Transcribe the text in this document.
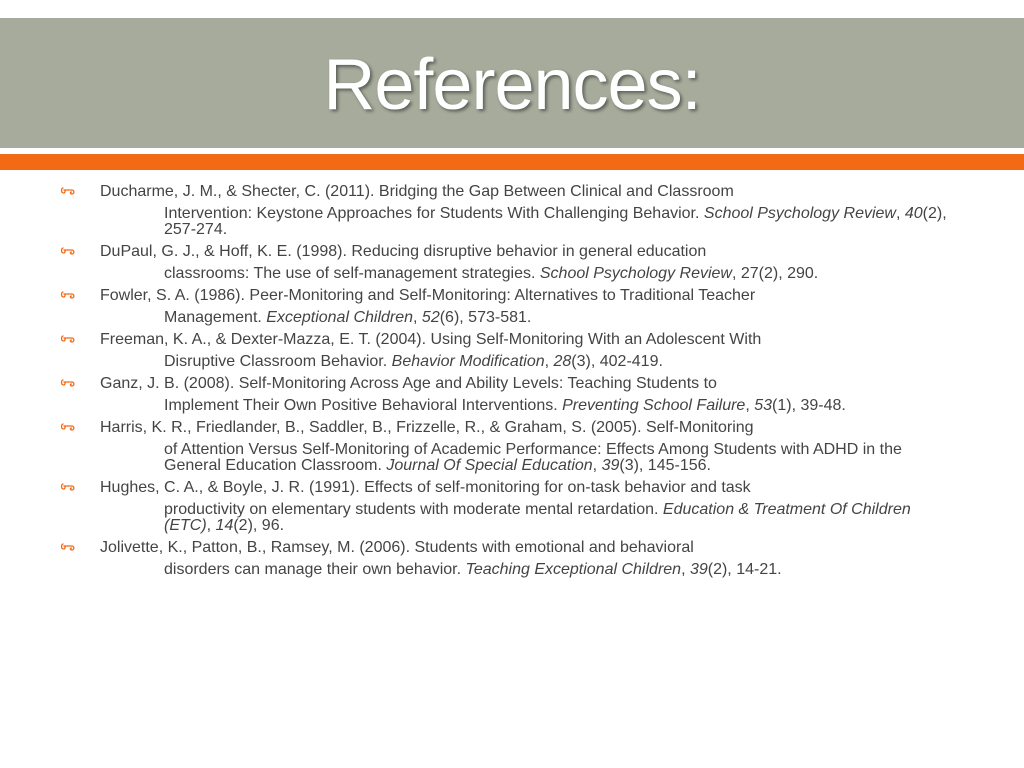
References:
Ducharme, J. M., & Shecter, C. (2011). Bridging the Gap Between Clinical and Classroom
Intervention: Keystone Approaches for Students With Challenging Behavior. School Psychology Review, 40(2), 257-274.
DuPaul, G. J., & Hoff, K. E. (1998). Reducing disruptive behavior in general education
classrooms: The use of self-management strategies. School Psychology Review, 27(2), 290.
Fowler, S. A. (1986). Peer-Monitoring and Self-Monitoring: Alternatives to Traditional Teacher
Management. Exceptional Children, 52(6), 573-581.
Freeman, K. A., & Dexter-Mazza, E. T. (2004). Using Self-Monitoring With an Adolescent With
Disruptive Classroom Behavior. Behavior Modification, 28(3), 402-419.
Ganz, J. B. (2008). Self-Monitoring Across Age and Ability Levels: Teaching Students to
Implement Their Own Positive Behavioral Interventions. Preventing School Failure, 53(1), 39-48.
Harris, K. R., Friedlander, B., Saddler, B., Frizzelle, R., & Graham, S. (2005). Self-Monitoring
of Attention Versus Self-Monitoring of Academic Performance: Effects Among Students with ADHD in the General Education Classroom. Journal Of Special Education, 39(3), 145-156.
Hughes, C. A., & Boyle, J. R. (1991). Effects of self-monitoring for on-task behavior and task
productivity on elementary students with moderate mental retardation. Education & Treatment Of Children (ETC), 14(2), 96.
Jolivette, K., Patton, B., Ramsey, M. (2006). Students with emotional and behavioral
disorders can manage their own behavior. Teaching Exceptional Children, 39(2), 14-21.
